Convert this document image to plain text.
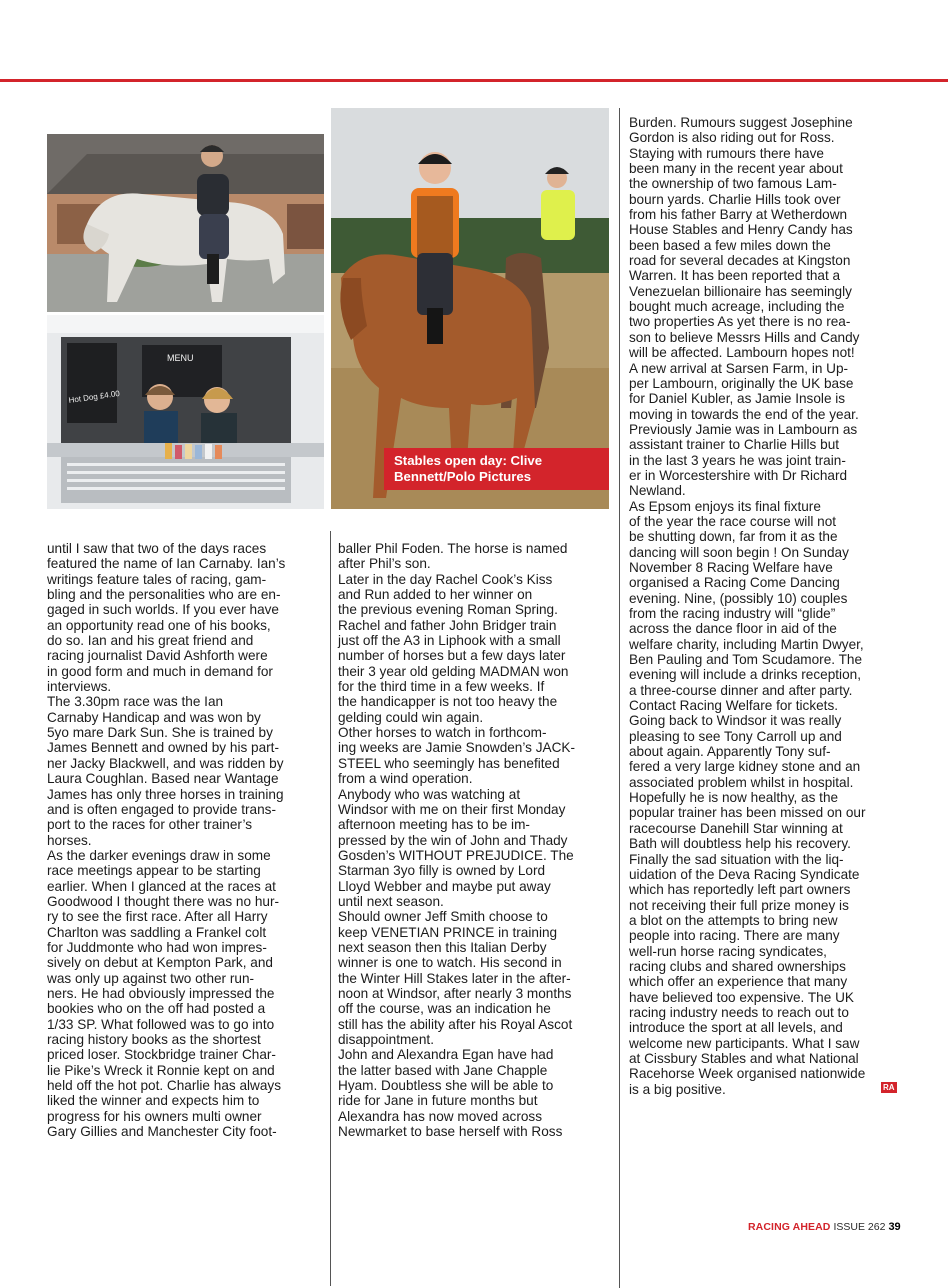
MENU
Hot Dog £4.00
Stables open day: Clive
Bennett/Polo Pictures
until I saw that two of the days races
featured the name of Ian Carnaby. Ian’s
writings feature tales of racing, gam-
bling and the personalities who are en-
gaged in such worlds. If you ever have
an opportunity read one of his books,
do so. Ian and his great friend and
racing journalist David Ashforth were
in good form and much in demand for
interviews.
The 3.30pm race was the Ian
Carnaby Handicap and was won by
5yo mare Dark Sun. She is trained by
James Bennett and owned by his part-
ner Jacky Blackwell, and was ridden by
Laura Coughlan. Based near Wantage
James has only three horses in training
and is often engaged to provide trans-
port to the races for other trainer’s
horses.
As the darker evenings draw in some
race meetings appear to be starting
earlier. When I glanced at the races at
Goodwood I thought there was no hur-
ry to see the first race. After all Harry
Charlton was saddling a Frankel colt
for Juddmonte who had won impres-
sively on debut at Kempton Park, and
was only up against two other run-
ners. He had obviously impressed the
bookies who on the off had posted a
1/33 SP. What followed was to go into
racing history books as the shortest
priced loser. Stockbridge trainer Char-
lie Pike’s Wreck it Ronnie kept on and
held off the hot pot. Charlie has always
liked the winner and expects him to
progress for his owners multi owner
Gary Gillies and Manchester City foot-
baller Phil Foden. The horse is named
after Phil’s son.
Later in the day Rachel Cook’s Kiss
and Run added to her winner on
the previous evening Roman Spring.
Rachel and father John Bridger train
just off the A3 in Liphook with a small
number of horses but a few days later
their 3 year old gelding MADMAN won
for the third time in a few weeks. If
the handicapper is not too heavy the
gelding could win again.
Other horses to watch in forthcom-
ing weeks are Jamie Snowden’s JACK-
STEEL who seemingly has benefited
from a wind operation.
Anybody who was watching at
Windsor with me on their first Monday
afternoon meeting has to be im-
pressed by the win of John and Thady
Gosden’s WITHOUT PREJUDICE. The
Starman 3yo filly is owned by Lord
Lloyd Webber and maybe put away
until next season.
Should owner Jeff Smith choose to
keep VENETIAN PRINCE in training
next season then this Italian Derby
winner is one to watch. His second in
the Winter Hill Stakes later in the after-
noon at Windsor, after nearly 3 months
off the course, was an indication he
still has the ability after his Royal Ascot
disappointment.
John and Alexandra Egan have had
the latter based with Jane Chapple
Hyam. Doubtless she will be able to
ride for Jane in future months but
Alexandra has now moved across
Newmarket to base herself with Ross
Burden. Rumours suggest Josephine
Gordon is also riding out for Ross.
Staying with rumours there have
been many in the recent year about
the ownership of two famous Lam-
bourn yards. Charlie Hills took over
from his father Barry at Wetherdown
House Stables and Henry Candy has
been based a few miles down the
road for several decades at Kingston
Warren. It has been reported that a
Venezuelan billionaire has seemingly
bought much acreage, including the
two properties As yet there is no rea-
son to believe Messrs Hills and Candy
will be affected. Lambourn hopes not!
A new arrival at Sarsen Farm, in Up-
per Lambourn, originally the UK base
for Daniel Kubler, as Jamie Insole is
moving in towards the end of the year.
Previously Jamie was in Lambourn as
assistant trainer to Charlie Hills but
in the last 3 years he was joint train-
er in Worcestershire with Dr Richard
Newland.
As Epsom enjoys its final fixture
of the year the race course will not
be shutting down, far from it as the
dancing will soon begin ! On Sunday
November 8 Racing Welfare have
organised a Racing Come Dancing
evening. Nine, (possibly 10) couples
from the racing industry will “glide”
across the dance floor in aid of the
welfare charity, including Martin Dwyer,
Ben Pauling and Tom Scudamore. The
evening will include a drinks reception,
a three-course dinner and after party.
Contact Racing Welfare for tickets.
Going back to Windsor it was really
pleasing to see Tony Carroll up and
about again. Apparently Tony suf-
fered a very large kidney stone and an
associated problem whilst in hospital.
Hopefully he is now healthy, as the
popular trainer has been missed on our
racecourse Danehill Star winning at
Bath will doubtless help his recovery.
Finally the sad situation with the liq-
uidation of the Deva Racing Syndicate
which has reportedly left part owners
not receiving their full prize money is
a blot on the attempts to bring new
people into racing. There are many
well-run horse racing syndicates,
racing clubs and shared ownerships
which offer an experience that many
have believed too expensive. The UK
racing industry needs to reach out to
introduce the sport at all levels, and
welcome new participants. What I saw
at Cissbury Stables and what National
Racehorse Week organised nationwide
is a big positive.	RA
RACING AHEAD ISSUE 262 39
